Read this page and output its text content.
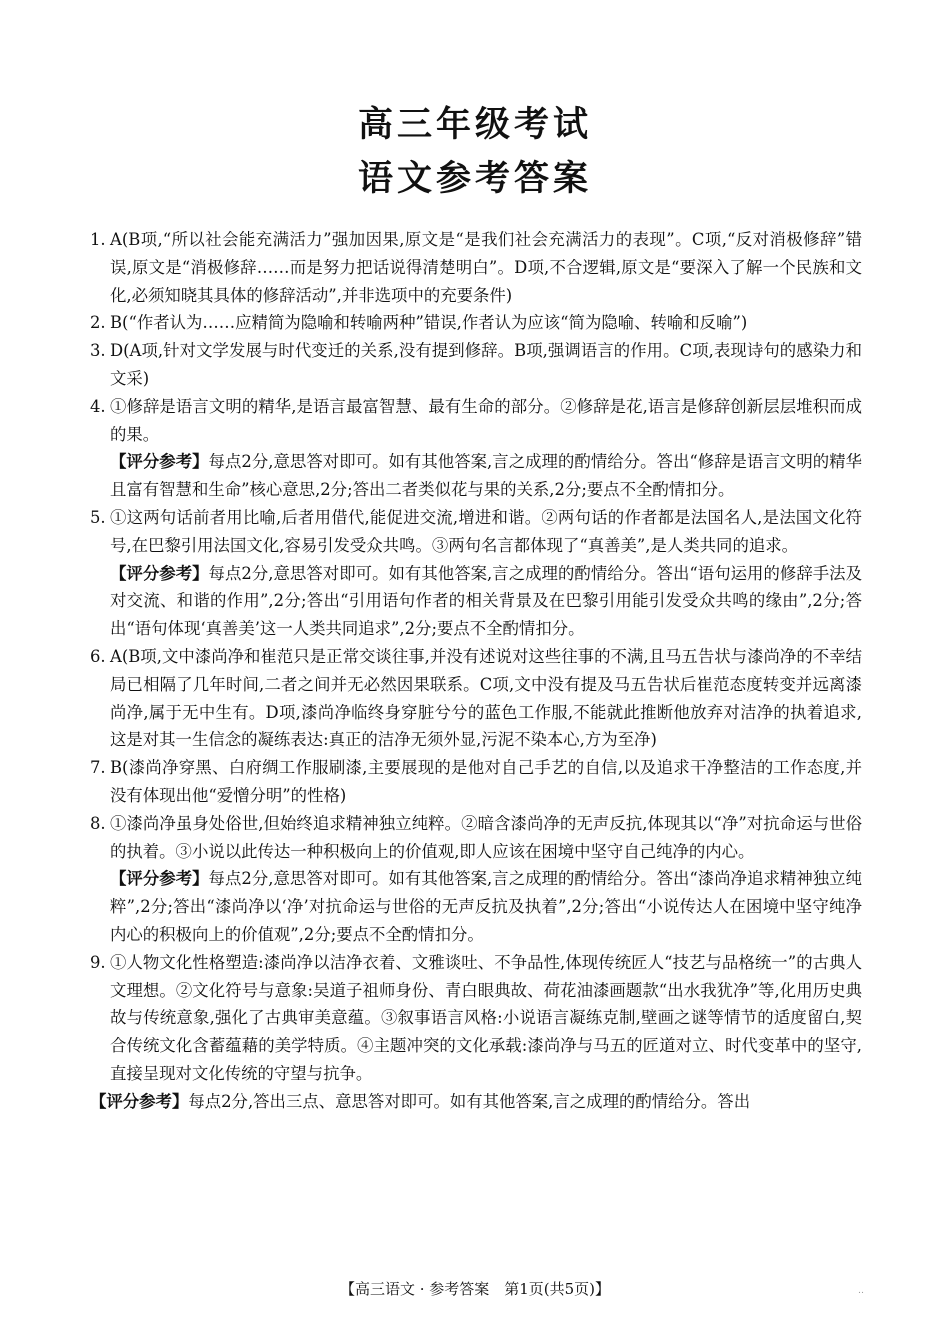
高三年级考试
语文参考答案
1. A(B项,“所以社会能充满活力”强加因果,原文是“是我们社会充满活力的表现”。C项,“反对消极修辞”错误,原文是“消极修辞……而是努力把话说得清楚明白”。D项,不合逻辑,原文是“要深入了解一个民族和文化,必须知晓其具体的修辞活动”,并非选项中的充要条件)
2. B(“作者认为……应精简为隐喻和转喻两种”错误,作者认为应该“简为隐喻、转喻和反喻”)
3. D(A项,针对文学发展与时代变迁的关系,没有提到修辞。B项,强调语言的作用。C项,表现诗句的感染力和文采)
4. ①修辞是语言文明的精华,是语言最富智慧、最有生命的部分。②修辞是花,语言是修辞创新层层堆积而成的果。
【评分参考】每点2分,意思答对即可。如有其他答案,言之成理的酌情给分。答出“修辞是语言文明的精华且富有智慧和生命”核心意思,2分;答出二者类似花与果的关系,2分;要点不全酌情扣分。
5. ①这两句话前者用比喻,后者用借代,能促进交流,增进和谐。②两句话的作者都是法国名人,是法国文化符号,在巴黎引用法国文化,容易引发受众共鸣。③两句名言都体现了“真善美”,是人类共同的追求。
【评分参考】每点2分,意思答对即可。如有其他答案,言之成理的酌情给分。答出“语句运用的修辞手法及对交流、和谐的作用”,2分;答出“引用语句作者的相关背景及在巴黎引用能引发受众共鸣的缘由”,2分;答出“语句体现‘真善美’这一人类共同追求”,2分;要点不全酌情扣分。
6. A(B项,文中漆尚净和崔范只是正常交谈往事,并没有述说对这些往事的不满,且马五告状与漆尚净的不幸结局已相隔了几年时间,二者之间并无必然因果联系。C项,文中没有提及马五告状后崔范态度转变并远离漆尚净,属于无中生有。D项,漆尚净临终身穿脏兮兮的蓝色工作服,不能就此推断他放弃对洁净的执着追求,这是对其一生信念的凝练表达:真正的洁净无须外显,污泥不染本心,方为至净)
7. B(漆尚净穿黑、白府绸工作服刷漆,主要展现的是他对自己手艺的自信,以及追求干净整洁的工作态度,并没有体现出他“爱憎分明”的性格)
8. ①漆尚净虽身处俗世,但始终追求精神独立纯粹。②暗含漆尚净的无声反抗,体现其以“净”对抗命运与世俗的执着。③小说以此传达一种积极向上的价值观,即人应该在困境中坚守自己纯净的内心。
【评分参考】每点2分,意思答对即可。如有其他答案,言之成理的酌情给分。答出“漆尚净追求精神独立纯粹”,2分;答出“漆尚净以‘净’对抗命运与世俗的无声反抗及执着”,2分;答出“小说传达人在困境中坚守纯净内心的积极向上的价值观”,2分;要点不全酌情扣分。
9. ①人物文化性格塑造:漆尚净以洁净衣着、文雅谈吐、不争品性,体现传统匠人“技艺与品格统一”的古典人文理想。②文化符号与意象:吴道子祖师身份、青白眼典故、荷花油漆画题款“出水我犹净”等,化用历史典故与传统意象,强化了古典审美意蕴。③叙事语言风格:小说语言凝练克制,壁画之谜等情节的适度留白,契合传统文化含蓄蕴藉的美学特质。④主题冲突的文化承载:漆尚净与马五的匠道对立、时代变革中的坚守,直接呈现对文化传统的守望与抗争。
【评分参考】每点2分,答出三点、意思答对即可。如有其他答案,言之成理的酌情给分。答出
【高三语文 · 参考答案　第1页(共5页)】	‥
